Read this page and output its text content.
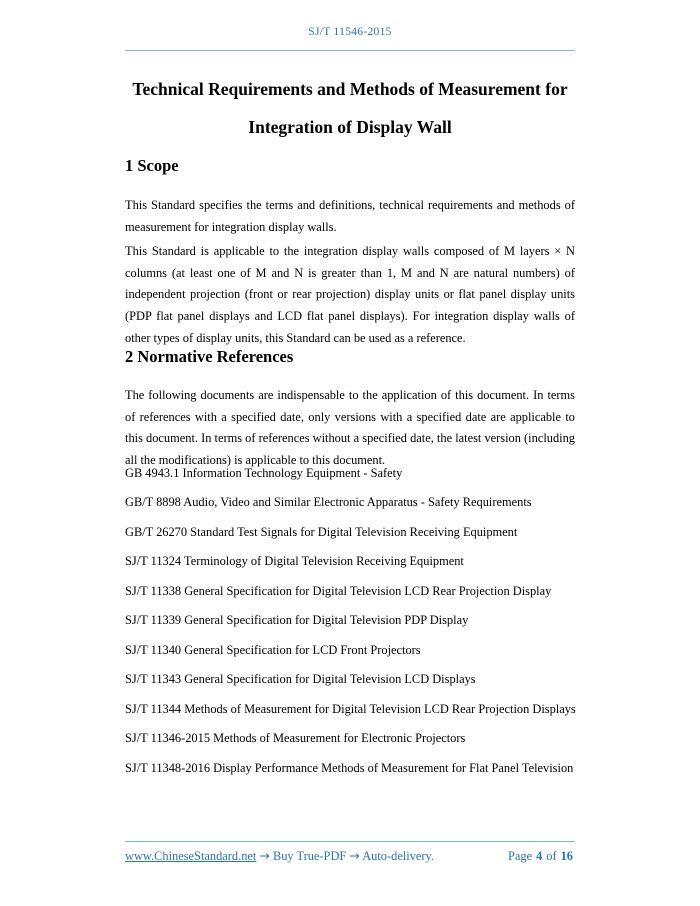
SJ/T 11546-2015
Technical Requirements and Methods of Measurement for
Integration of Display Wall
1 Scope

This Standard specifies the terms and definitions, technical requirements and methods of measurement for integration display walls.

This Standard is applicable to the integration display walls composed of M layers × N columns (at least one of M and N is greater than 1, M and N are natural numbers) of independent projection (front or rear projection) display units or flat panel display units (PDP flat panel displays and LCD flat panel displays). For integration display walls of other types of display units, this Standard can be used as a reference.

2 Normative References

The following documents are indispensable to the application of this document. In terms of references with a specified date, only versions with a specified date are applicable to this document. In terms of references without a specified date, the latest version (including all the modifications) is applicable to this document.

GB 4943.1 Information Technology Equipment - Safety

GB/T 8898 Audio, Video and Similar Electronic Apparatus - Safety Requirements

GB/T 26270 Standard Test Signals for Digital Television Receiving Equipment

SJ/T 11324 Terminology of Digital Television Receiving Equipment

SJ/T 11338 General Specification for Digital Television LCD Rear Projection Display

SJ/T 11339 General Specification for Digital Television PDP Display

SJ/T 11340 General Specification for LCD Front Projectors

SJ/T 11343 General Specification for Digital Television LCD Displays

SJ/T 11344 Methods of Measurement for Digital Television LCD Rear Projection Displays

SJ/T 11346-2015 Methods of Measurement for Electronic Projectors

SJ/T 11348-2016 Display Performance Methods of Measurement for Flat Panel Television

www.ChineseStandard.net → Buy True-PDF → Auto-delivery.	Page 4 of 16
